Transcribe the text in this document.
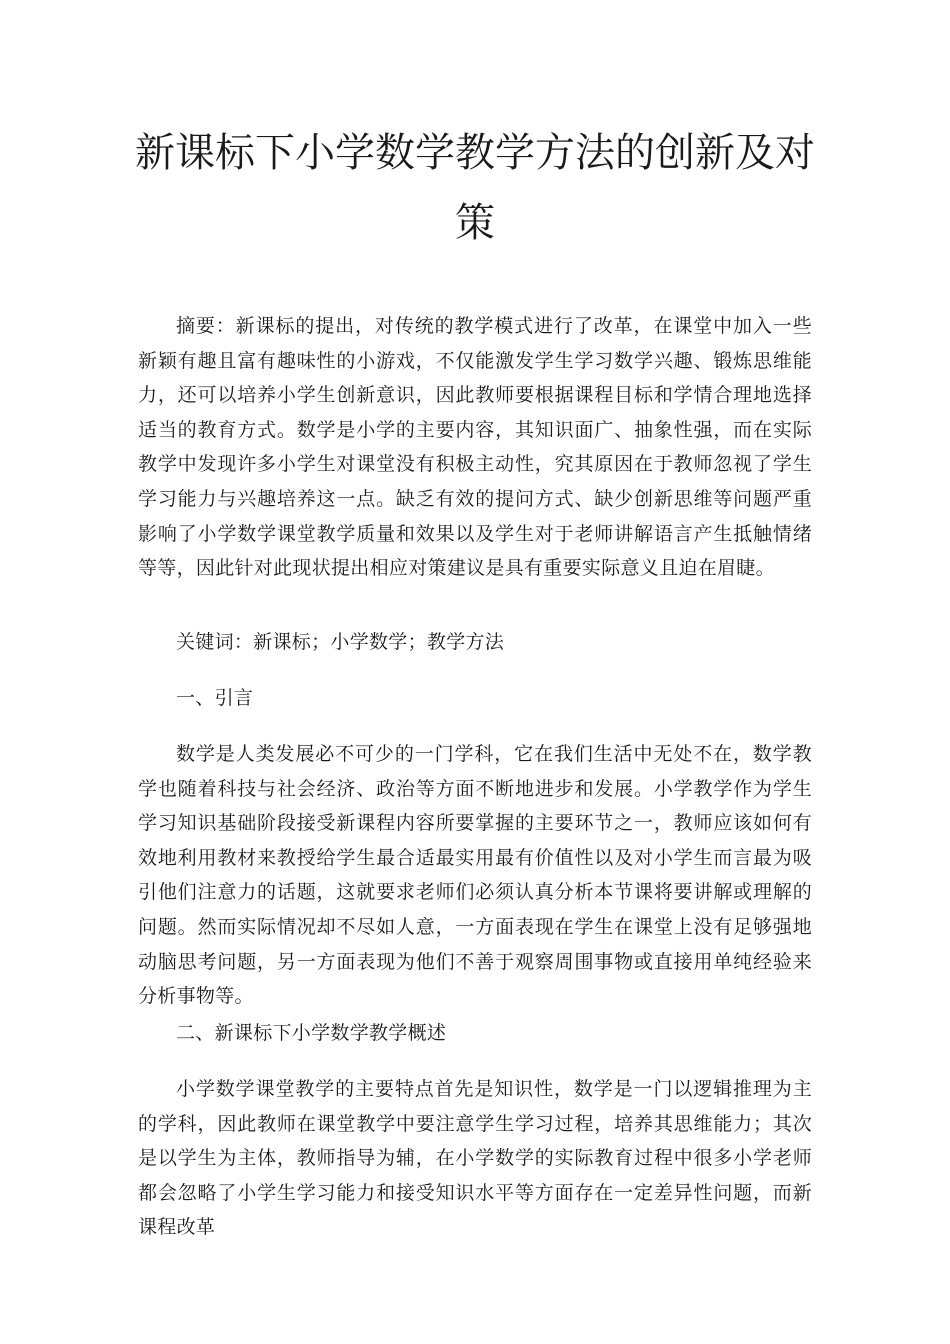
新课标下小学数学教学方法的创新及对策

摘要：新课标的提出，对传统的教学模式进行了改革，在课堂中加入一些新颖有趣且富有趣味性的小游戏，不仅能激发学生学习数学兴趣、锻炼思维能力，还可以培养小学生创新意识，因此教师要根据课程目标和学情合理地选择适当的教育方式。数学是小学的主要内容，其知识面广、抽象性强，而在实际教学中发现许多小学生对课堂没有积极主动性，究其原因在于教师忽视了学生学习能力与兴趣培养这一点。缺乏有效的提问方式、缺少创新思维等问题严重影响了小学数学课堂教学质量和效果以及学生对于老师讲解语言产生抵触情绪等等，因此针对此现状提出相应对策建议是具有重要实际意义且迫在眉睫。

关键词：新课标；小学数学；教学方法

一、引言

数学是人类发展必不可少的一门学科，它在我们生活中无处不在，数学教学也随着科技与社会经济、政治等方面不断地进步和发展。小学教学作为学生学习知识基础阶段接受新课程内容所要掌握的主要环节之一，教师应该如何有效地利用教材来教授给学生最合适最实用最有价值性以及对小学生而言最为吸引他们注意力的话题，这就要求老师们必须认真分析本节课将要讲解或理解的问题。然而实际情况却不尽如人意，一方面表现在学生在课堂上没有足够强地动脑思考问题，另一方面表现为他们不善于观察周围事物或直接用单纯经验来分析事物等。

二、新课标下小学数学教学概述

小学数学课堂教学的主要特点首先是知识性，数学是一门以逻辑推理为主的学科，因此教师在课堂教学中要注意学生学习过程，培养其思维能力；其次是以学生为主体，教师指导为辅，在小学数学的实际教育过程中很多小学老师都会忽略了小学生学习能力和接受知识水平等方面存在一定差异性问题，而新课程改革
